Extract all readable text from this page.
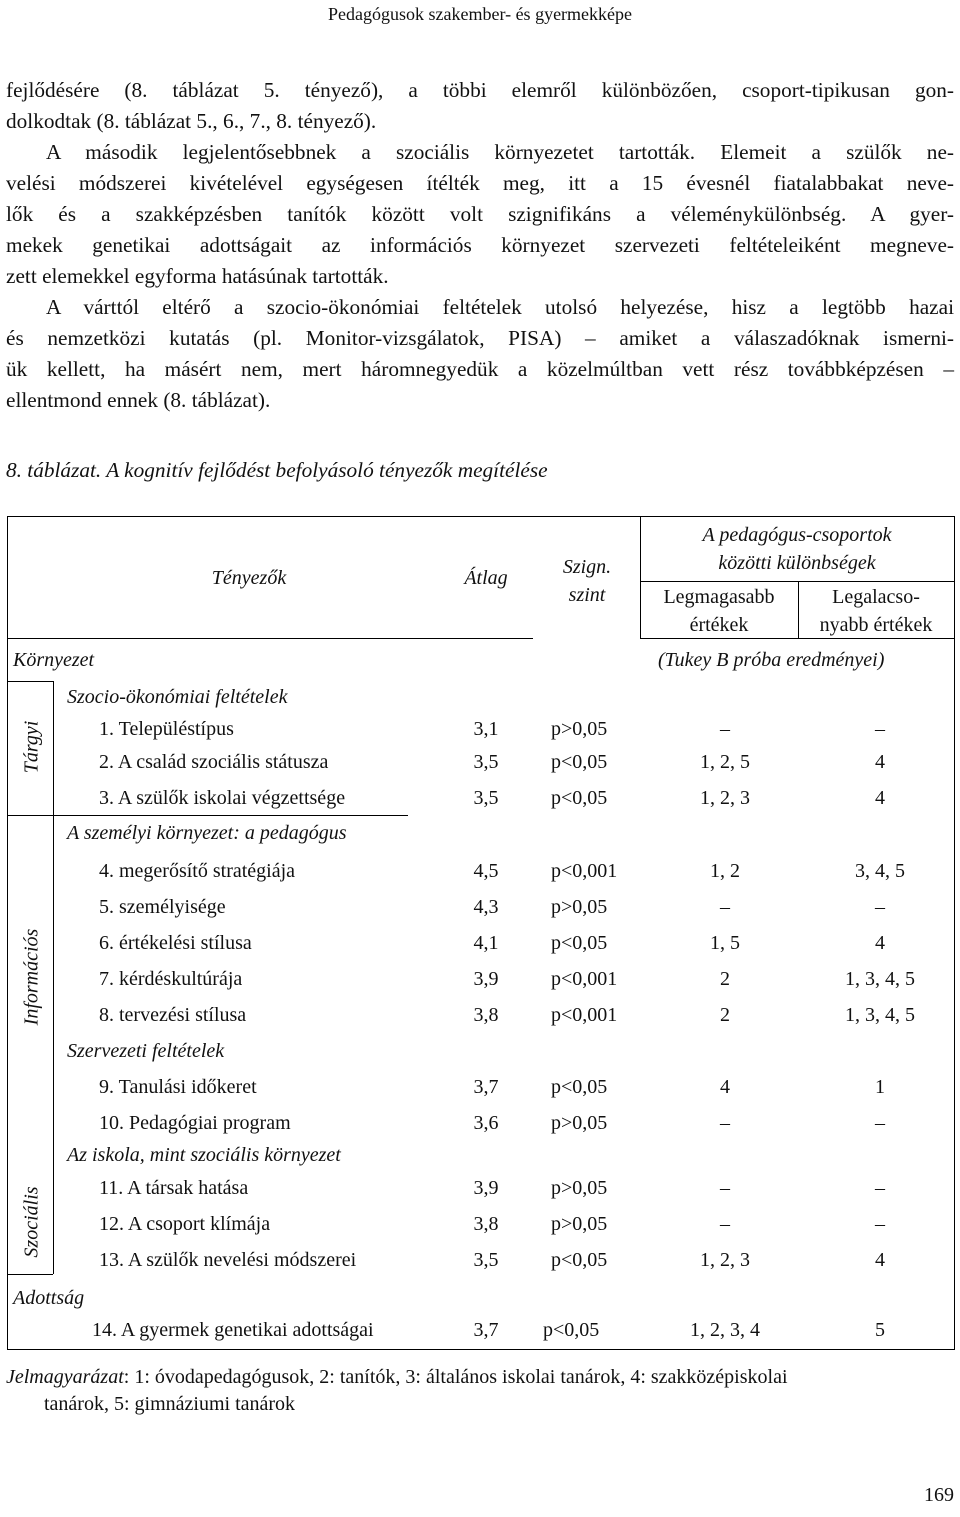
Pedagógusok szakember- és gyermekképe
fejlődésére (8. táblázat 5. tényező), a többi elemről különbözően, csoport-tipikusan gon-
dolkodtak (8. táblázat 5., 6., 7., 8. tényező).
A második legjelentősebbnek a szociális környezetet tartották. Elemeit a szülők ne-
velési módszerei kivételével egységesen ítélték meg, itt a 15 évesnél fiatalabbakat neve-
lők és a szakképzésben tanítók között volt szignifikáns a véleménykülönbség. A gyer-
mekek genetikai adottságait az információs környezet szervezeti feltételeiként megneve-
zett elemekkel egyforma hatásúnak tartották.
A várttól eltérő a szocio-ökonómiai feltételek utolsó helyezése, hisz a legtöbb hazai
és nemzetközi kutatás (pl. Monitor-vizsgálatok, PISA) – amiket a válaszadóknak ismerni-
ük kellett, ha másért nem, mert háromnegyedük a közelmúltban vett rész továbbképzésen –
ellentmond ennek (8. táblázat).
8. táblázat. A kognitív fejlődést befolyásoló tényezők megítélése
Tényezők	Átlag	Szign.
szint
A pedagógus-csoportok
közötti különbségek
Legmagasabb
értékek
Legalacso-
nyabb értékek
Környezet	(Tukey B próba eredményei)
Tárgyi
Információs
Szociális
Szocio-ökonómiai feltételek
A személyi környezet: a pedagógus
Szervezeti feltételek
Az iskola, mint szociális környezet
Adottság
1. Településtípus	3,1	p>0,05	–	–
2. A család szociális státusza	3,5	p<0,05	1, 2, 5	4
3. A szülők iskolai végzettsége	3,5	p<0,05	1, 2, 3	4
4. megerősítő stratégiája	4,5	p<0,001	1, 2	3, 4, 5
5. személyisége	4,3	p>0,05	–	–
6. értékelési stílusa	4,1	p<0,05	1, 5	4
7. kérdéskultúrája	3,9	p<0,001	2	1, 3, 4, 5
8. tervezési stílusa	3,8	p<0,001	2	1, 3, 4, 5
9. Tanulási időkeret	3,7	p<0,05	4	1
10. Pedagógiai program	3,6	p>0,05	–	–
11. A társak hatása	3,9	p>0,05	–	–
12. A csoport klímája	3,8	p>0,05	–	–
13. A szülők nevelési módszerei	3,5	p<0,05	1, 2, 3	4
14. A gyermek genetikai adottságai	3,7 p<0,05	1, 2, 3, 4	5
Jelmagyarázat: 1: óvodapedagógusok, 2: tanítók, 3: általános iskolai tanárok, 4: szakközépiskolai
tanárok, 5: gimnáziumi tanárok
169
